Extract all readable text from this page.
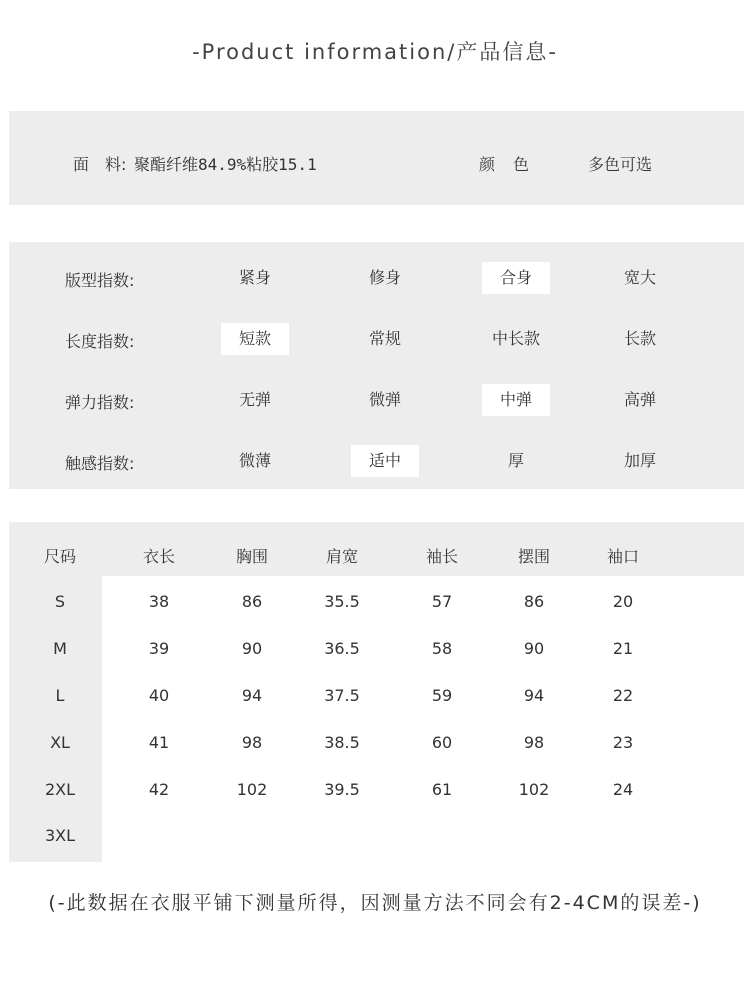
-Product information/产品信息-
面　料: 聚酯纤维84.9%粘胶15.1	颜色	多色可选
版型指数:	紧身	修身	合身	宽大
长度指数:	短款	常规	中长款	长款
弹力指数:	无弹	微弹	中弹	高弹
触感指数:	微薄	适中	厚	加厚
尺码	衣长	胸围	肩宽	袖长	摆围	袖口
S	38	86	35.5	57	86	20
M	39	90	36.5	58	90	21
L	40	94	37.5	59	94	22
XL	41	98	38.5	60	98	23
2XL	42	102	39.5	61	102	24
3XL
(-此数据在衣服平铺下测量所得，因测量方法不同会有2-4CM的误差-)
